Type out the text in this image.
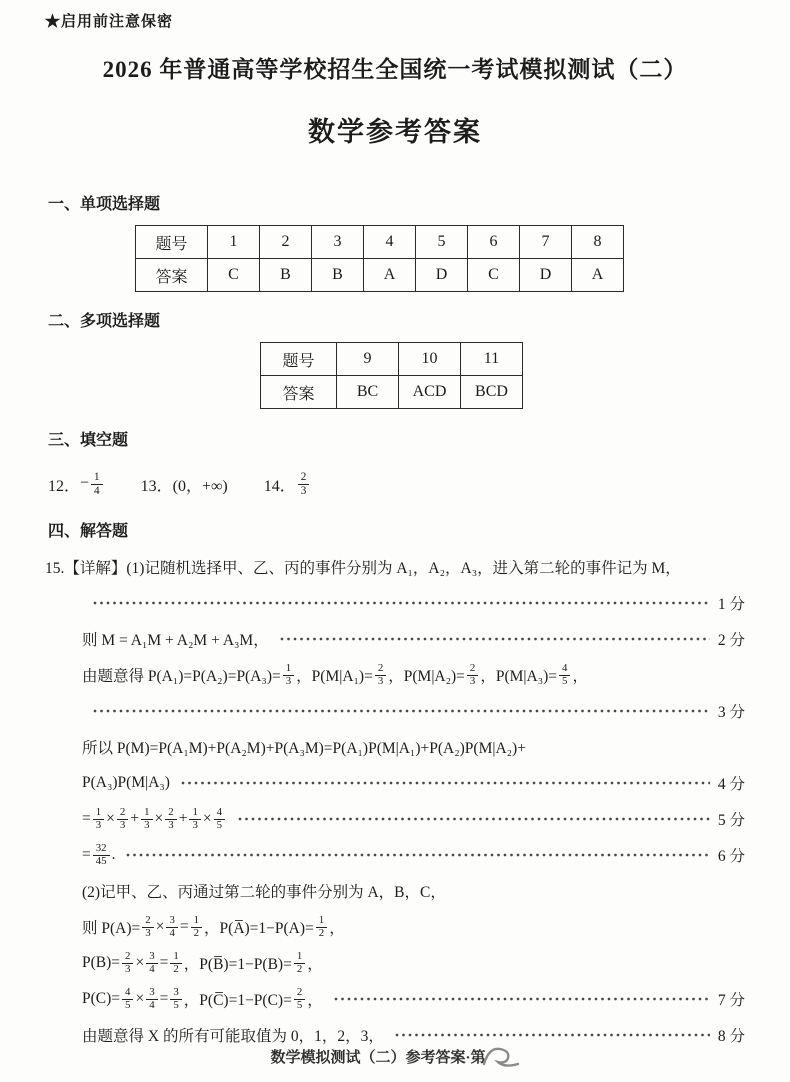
★启用前注意保密
2026 年普通高等学校招生全国统一考试模拟测试（二）
数学参考答案
一、单项选择题
题号	1	2	3	4	5	6	7	8
答案	C	B	B	A	D	C	D	A
二、多项选择题
题号	9	10	11
答案	BC	ACD	BCD
三、填空题
12． − $\frac{1}{4} 13$． (0，+∞) 14． $\frac{2}{3}$
四、解答题
15.【详解】(1)记随机选择甲、乙、丙的事件分别为 A₁，A₂，A₃，进入第二轮的事件记为 M，
1 分
则 M = A₁M + A₂M + A₃M，	2 分
由题意得 $P(A_1)=P(A_2)=P(A_3)= \frac{1}{3}$ ，$P(M|A_1)= \frac{2}{3}$ ，$P(M|A_2)= \frac{2}{3}$ ，$P(M|A_3)= \frac{4}{5}$ ，
3 分
所以 P(M)=P(A₁M)+P(A₂M)+P(A₃M)=P(A₁)P(M|A₁)+P(A₂)P(M|A₂)+
P(A₃)P(M|A₃)	4 分
= $\frac{1}{3} \times \frac{2}{3} + \frac{1}{3} \times \frac{2}{3} + \frac{1}{3} \times \frac{4}{5}$	5 分
= $\frac{32}{45}$ .	6 分
(2)记甲、乙、丙通过第二轮的事件分别为 A，B，C，
则 $P(A)= \frac{2}{3} \times \frac{3}{4} = \frac{1}{2}$ ，P(A̅)=1−P(A)= $\frac{1}{2}$ ，
$P(B)= \frac{2}{3} \times \frac{3}{4} = \frac{1}{2}$ ，P(B̅)=1−P(B)= $\frac{1}{2}$ ，
$P(C)= \frac{4}{5} \times \frac{3}{4} = \frac{3}{5}$ ，P(C̅)=1−P(C)= $\frac{2}{5}$ ，	7 分
由题意得 X 的所有可能取值为 0，1，2，3，	8 分
数学模拟测试（二）参考答案·第
